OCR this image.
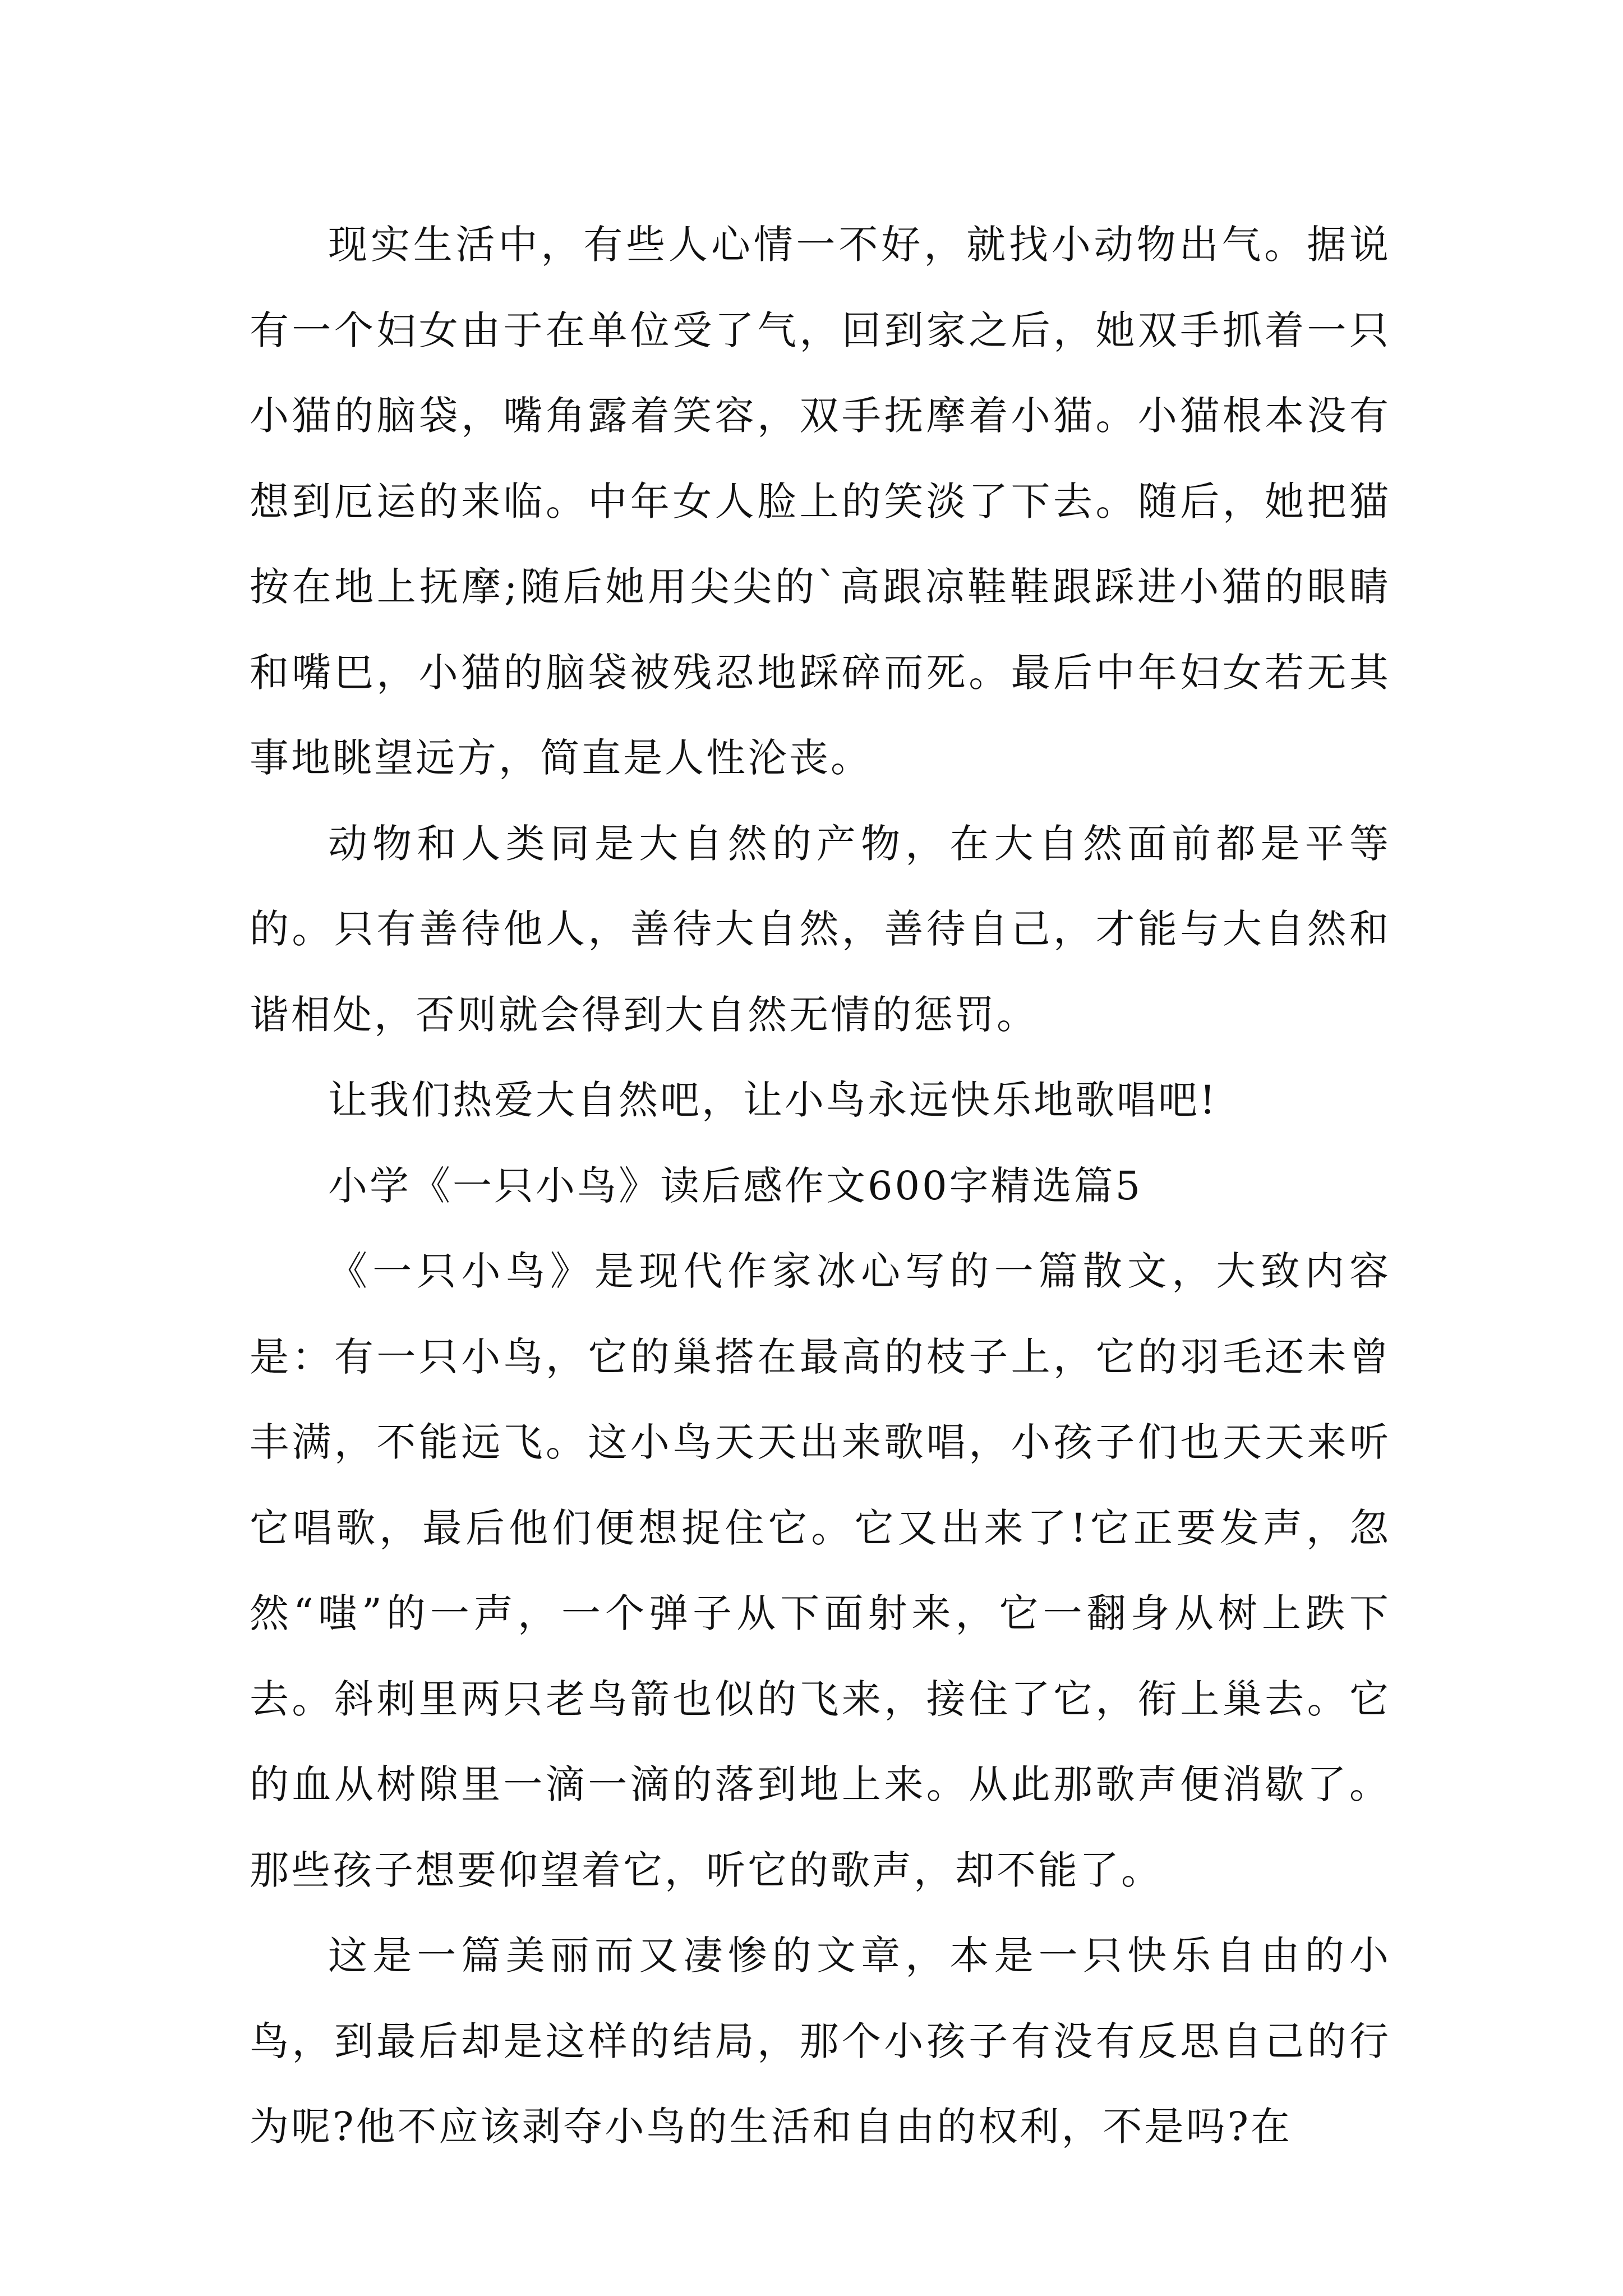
现实生活中，有些人心情一不好，就找小动物出气。据说有一个妇女由于在单位受了气，回到家之后，她双手抓着一只小猫的脑袋，嘴角露着笑容，双手抚摩着小猫。小猫根本没有想到厄运的来临。中年女人脸上的笑淡了下去。随后，她把猫按在地上抚摩;随后她用尖尖的`高跟凉鞋鞋跟踩进小猫的眼睛和嘴巴，小猫的脑袋被残忍地踩碎而死。最后中年妇女若无其事地眺望远方，简直是人性沦丧。

动物和人类同是大自然的产物，在大自然面前都是平等的。只有善待他人，善待大自然，善待自己，才能与大自然和谐相处，否则就会得到大自然无情的惩罚。

让我们热爱大自然吧，让小鸟永远快乐地歌唱吧!

小学《一只小鸟》读后感作文600字精选篇5

《一只小鸟》是现代作家冰心写的一篇散文，大致内容是：有一只小鸟，它的巢搭在最高的枝子上，它的羽毛还未曾丰满，不能远飞。这小鸟天天出来歌唱，小孩子们也天天来听它唱歌，最后他们便想捉住它。它又出来了!它正要发声，忽然“嗤”的一声，一个弹子从下面射来，它一翻身从树上跌下去。斜刺里两只老鸟箭也似的飞来，接住了它，衔上巢去。它的血从树隙里一滴一滴的落到地上来。从此那歌声便消歇了。那些孩子想要仰望着它，听它的歌声，却不能了。

这是一篇美丽而又凄惨的文章，本是一只快乐自由的小鸟，到最后却是这样的结局，那个小孩子有没有反思自己的行为呢?他不应该剥夺小鸟的生活和自由的权利，不是吗?在
